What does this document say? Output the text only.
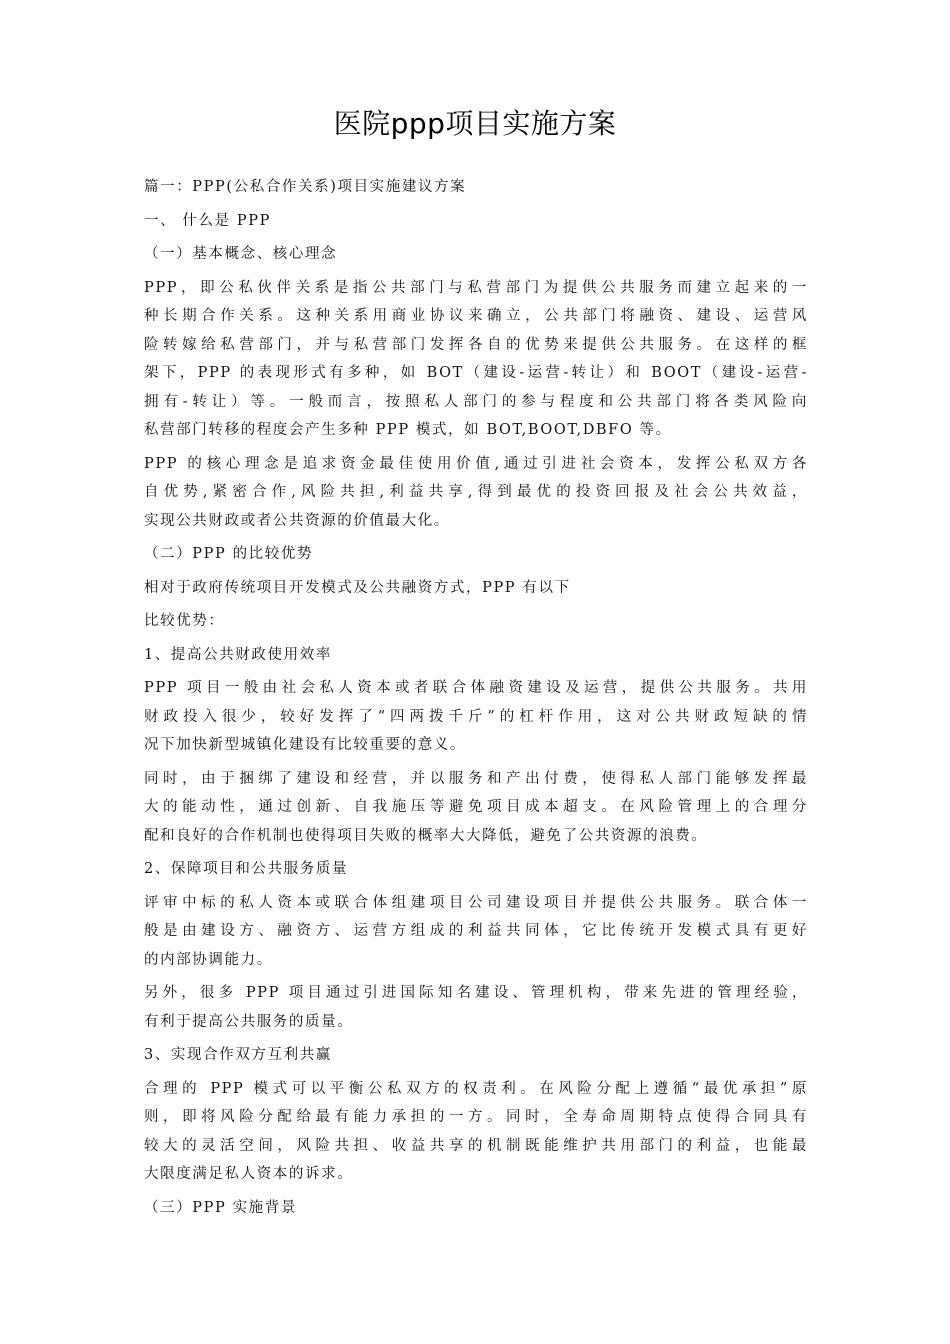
医院ppp项目实施方案
篇一：PPP(公私合作关系)项目实施建议方案
一、 什么是 PPP
（一）基本概念、核心理念
PPP，即公私伙伴关系是指公共部门与私营部门为提供公共服务而建立起来的一
种长期合作关系。这种关系用商业协议来确立，公共部门将融资、建设、运营风
险转嫁给私营部门，并与私营部门发挥各自的优势来提供公共服务。在这样的框
架下，PPP 的表现形式有多种，如 BOT（建设-运营-转让）和 BOOT（建设-运营-
拥有-转让）等。一般而言，按照私人部门的参与程度和公共部门将各类风险向
私营部门转移的程度会产生多种 PPP 模式，如 BOT,BOOT,DBFO 等。
PPP 的核心理念是追求资金最佳使用价值,通过引进社会资本，发挥公私双方各
自优势,紧密合作,风险共担,利益共享,得到最优的投资回报及社会公共效益，
实现公共财政或者公共资源的价值最大化。
（二）PPP 的比较优势
相对于政府传统项目开发模式及公共融资方式，PPP 有以下
比较优势：
1、提高公共财政使用效率
PPP 项目一般由社会私人资本或者联合体融资建设及运营，提供公共服务。共用
财政投入很少，较好发挥了“四两拨千斤”的杠杆作用，这对公共财政短缺的情
况下加快新型城镇化建设有比较重要的意义。
同时，由于捆绑了建设和经营，并以服务和产出付费，使得私人部门能够发挥最
大的能动性，通过创新、自我施压等避免项目成本超支。在风险管理上的合理分
配和良好的合作机制也使得项目失败的概率大大降低，避免了公共资源的浪费。
2、保障项目和公共服务质量
评审中标的私人资本或联合体组建项目公司建设项目并提供公共服务。联合体一
般是由建设方、融资方、运营方组成的利益共同体，它比传统开发模式具有更好
的内部协调能力。
另外，很多 PPP 项目通过引进国际知名建设、管理机构，带来先进的管理经验，
有利于提高公共服务的质量。
3、实现合作双方互利共赢
合理的 PPP 模式可以平衡公私双方的权责利。在风险分配上遵循“最优承担”原
则，即将风险分配给最有能力承担的一方。同时，全寿命周期特点使得合同具有
较大的灵活空间，风险共担、收益共享的机制既能维护共用部门的利益，也能最
大限度满足私人资本的诉求。
（三）PPP 实施背景
